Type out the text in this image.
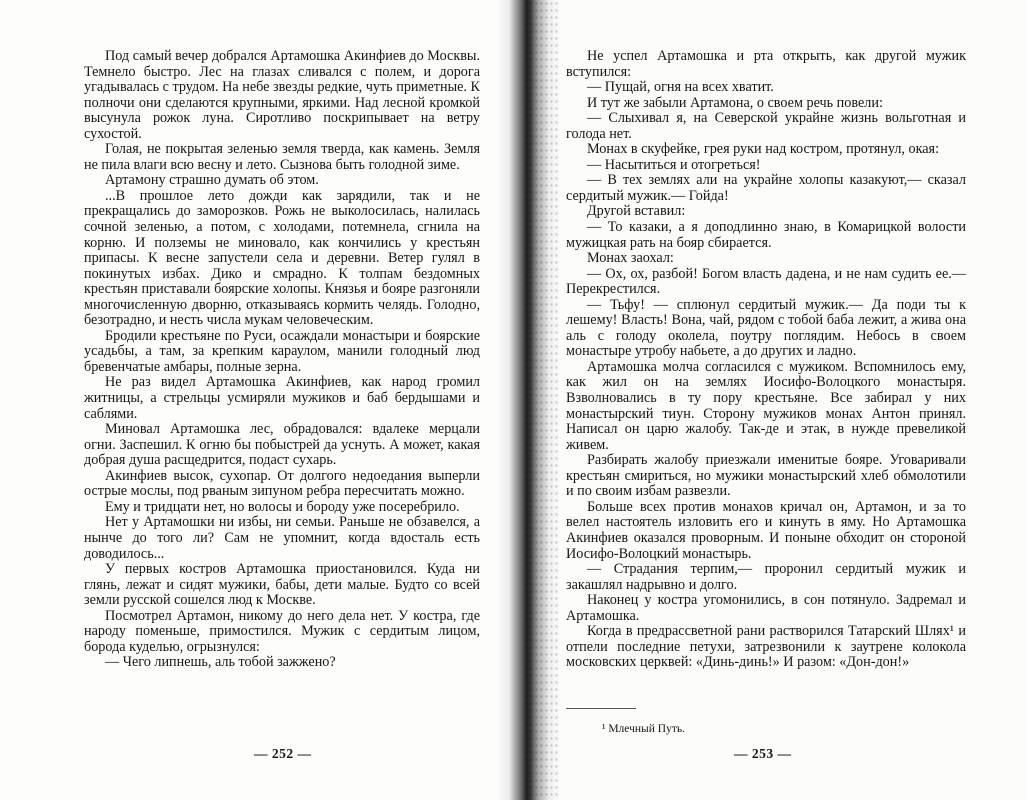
Под самый вечер добрался Артамошка Акинфиев до Москвы. Темнело быстро. Лес на глазах сливался с полем, и дорога угадывалась с трудом. На небе звезды редкие, чуть приметные. К полночи они сделаются крупными, яркими. Над лесной кромкой высунула рожок луна. Сиротливо поскрипывает на ветру сухостой.

Голая, не покрытая зеленью земля тверда, как камень. Земля не пила влаги всю весну и лето. Сызнова быть голодной зиме.

Артамону страшно думать об этом.

...В прошлое лето дожди как зарядили, так и не прекращались до заморозков. Рожь не выколосилась, налилась сочной зеленью, а потом, с холодами, потемнела, сгнила на корню. И полземы не миновало, как кончились у крестьян припасы. К весне запустели села и деревни. Ветер гулял в покинутых избах. Дико и смрадно. К толпам бездомных крестьян приставали боярские холопы. Князья и бояре разгоняли многочисленную дворню, отказываясь кормить челядь. Голодно, безотрадно, и несть числа мукам человеческим.

Бродили крестьяне по Руси, осаждали монастыри и боярские усадьбы, а там, за крепким караулом, манили голодный люд бревенчатые амбары, полные зерна.

Не раз видел Артамошка Акинфиев, как народ громил житницы, а стрельцы усмиряли мужиков и баб бердышами и саблями.

Миновал Артамошка лес, обрадовался: вдалеке мерцали огни. Заспешил. К огню бы побыстрей да уснуть. А может, какая добрая душа расщедрится, подаст сухарь.

Акинфиев высок, сухопар. От долгого недоедания выперли острые мослы, под рваным зипуном ребра пересчитать можно.

Ему и тридцати нет, но волосы и бороду уже посеребрило.

Нет у Артамошки ни избы, ни семьи. Раньше не обзавелся, а нынче до того ли? Сам не упомнит, когда вдосталь есть доводилось...

У первых костров Артамошка приостановился. Куда ни глянь, лежат и сидят мужики, бабы, дети малые. Будто со всей земли русской сошелся люд к Москве.

Посмотрел Артамон, никому до него дела нет. У костра, где народу поменьше, примостился. Мужик с сердитым лицом, борода куделью, огрызнулся:

— Чего липнешь, аль тобой зажжено?

— 252 —

Не успел Артамошка и рта открыть, как другой мужик вступился:

— Пущай, огня на всех хватит.

И тут же забыли Артамона, о своем речь повели:

— Слыхивал я, на Северской украйне жизнь вольготная и голода нет.

Монах в скуфейке, грея руки над костром, протянул, окая:

— Насытиться и отогреться!

— В тех землях али на украйне холопы казакуют,— сказал сердитый мужик.— Гойда!

Другой вставил:

— То казаки, а я доподлинно знаю, в Комарицкой волости мужицкая рать на бояр сбирается.

Монах заохал:

— Ох, ох, разбой! Богом власть дадена, и не нам судить ее.— Перекрестился.

— Тьфу! — сплюнул сердитый мужик.— Да поди ты к лешему! Власть! Вона, чай, рядом с тобой баба лежит, а жива она аль с голоду околела, поутру поглядим. Небось в своем монастыре утробу набьете, а до других и ладно.

Артамошка молча согласился с мужиком. Вспомнилось ему, как жил он на землях Иосифо-Волоцкого монастыря. Взволновались в ту пору крестьяне. Все забирал у них монастырский тиун. Сторону мужиков монах Антон принял. Написал он царю жалобу. Так-де и этак, в нужде превеликой живем.

Разбирать жалобу приезжали именитые бояре. Уговаривали крестьян смириться, но мужики монастырский хлеб обмолотили и по своим избам развезли.

Больше всех против монахов кричал он, Артамон, и за то велел настоятель изловить его и кинуть в яму. Но Артамошка Акинфиев оказался проворным. И поныне обходит он стороной Иосифо-Волоцкий монастырь.

— Страдания терпим,— проронил сердитый мужик и закашлял надрывно и долго.

Наконец у костра угомонились, в сон потянуло. Задремал и Артамошка.

Когда в предрассветной рани растворился Татарский Шлях¹ и отпели последние петухи, затрезвонили к заутрене колокола московских церквей: «Динь-динь!» И разом: «Дон-дон!»

¹ Млечный Путь.
— 253 —
